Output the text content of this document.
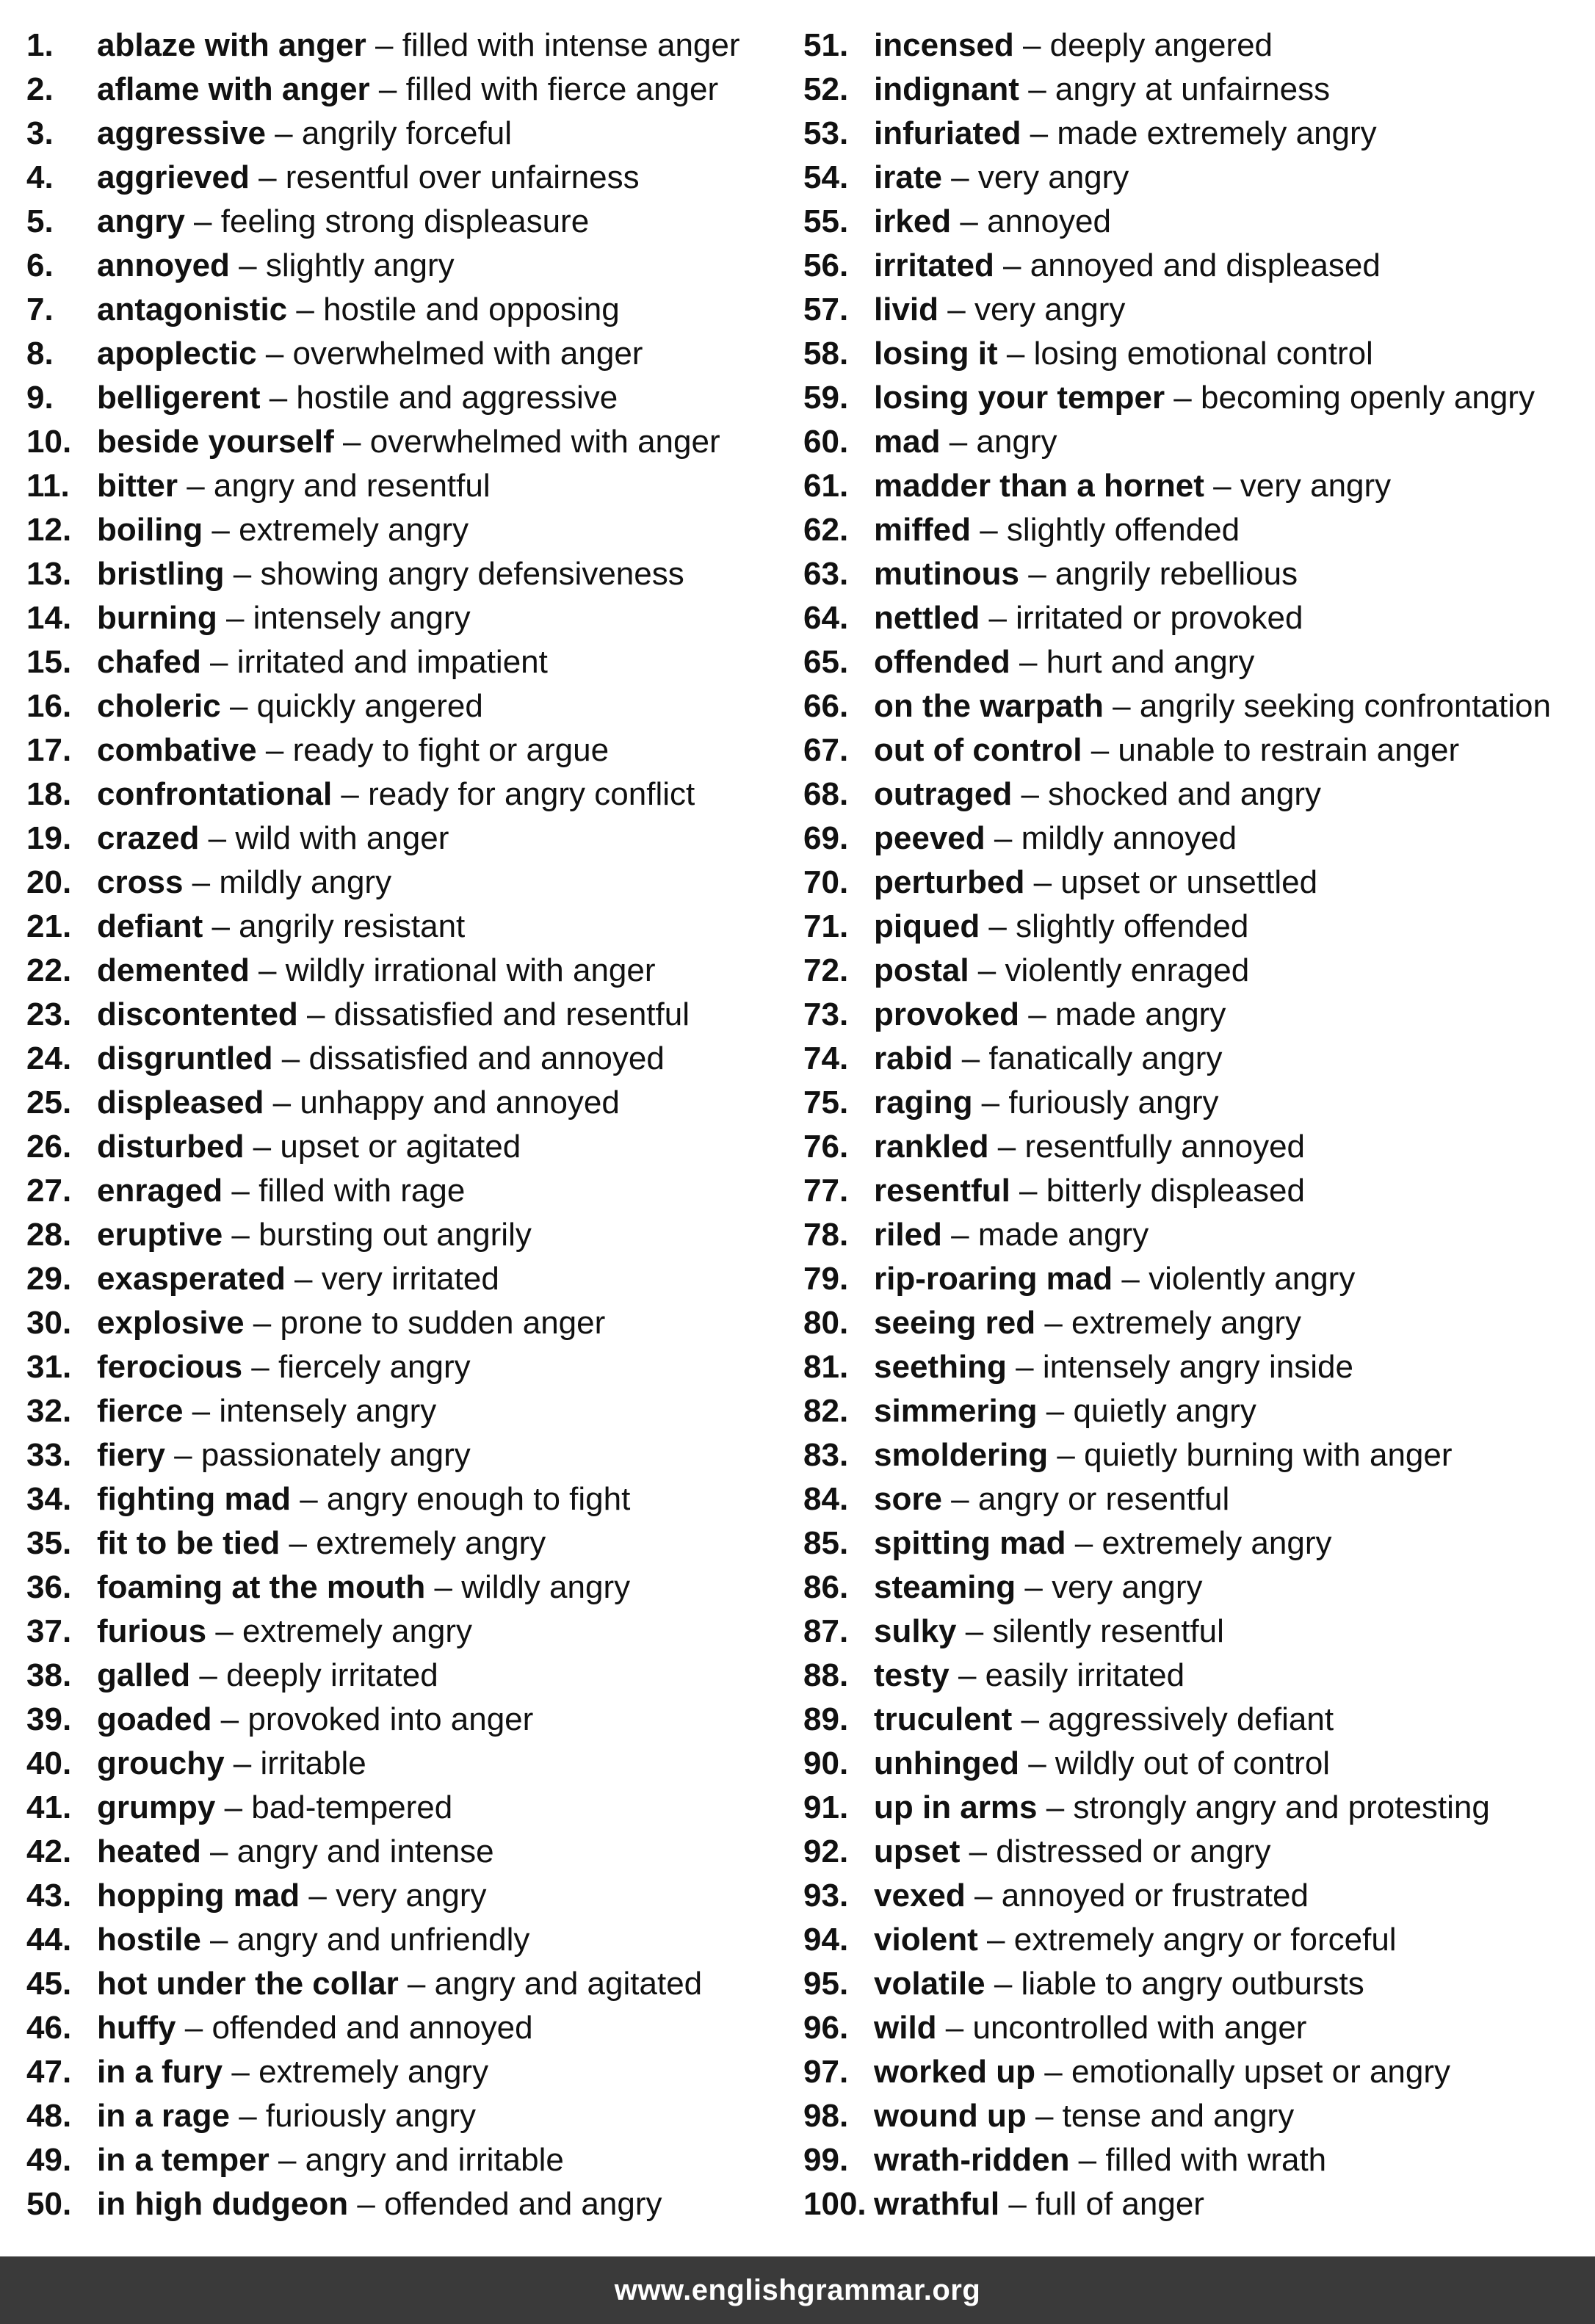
1. ablaze with anger – filled with intense anger
2. aflame with anger – filled with fierce anger
3. aggressive – angrily forceful
4. aggrieved – resentful over unfairness
5. angry – feeling strong displeasure
6. annoyed – slightly angry
7. antagonistic – hostile and opposing
8. apoplectic – overwhelmed with anger
9. belligerent – hostile and aggressive
10. beside yourself – overwhelmed with anger
11. bitter – angry and resentful
12. boiling – extremely angry
13. bristling – showing angry defensiveness
14. burning – intensely angry
15. chafed – irritated and impatient
16. choleric – quickly angered
17. combative – ready to fight or argue
18. confrontational – ready for angry conflict
19. crazed – wild with anger
20. cross – mildly angry
21. defiant – angrily resistant
22. demented – wildly irrational with anger
23. discontented – dissatisfied and resentful
24. disgruntled – dissatisfied and annoyed
25. displeased – unhappy and annoyed
26. disturbed – upset or agitated
27. enraged – filled with rage
28. eruptive – bursting out angrily
29. exasperated – very irritated
30. explosive – prone to sudden anger
31. ferocious – fiercely angry
32. fierce – intensely angry
33. fiery – passionately angry
34. fighting mad – angry enough to fight
35. fit to be tied – extremely angry
36. foaming at the mouth – wildly angry
37. furious – extremely angry
38. galled – deeply irritated
39. goaded – provoked into anger
40. grouchy – irritable
41. grumpy – bad-tempered
42. heated – angry and intense
43. hopping mad – very angry
44. hostile – angry and unfriendly
45. hot under the collar – angry and agitated
46. huffy – offended and annoyed
47. in a fury – extremely angry
48. in a rage – furiously angry
49. in a temper – angry and irritable
50. in high dudgeon – offended and angry
51. incensed – deeply angered
52. indignant – angry at unfairness
53. infuriated – made extremely angry
54. irate – very angry
55. irked – annoyed
56. irritated – annoyed and displeased
57. livid – very angry
58. losing it – losing emotional control
59. losing your temper – becoming openly angry
60. mad – angry
61. madder than a hornet – very angry
62. miffed – slightly offended
63. mutinous – angrily rebellious
64. nettled – irritated or provoked
65. offended – hurt and angry
66. on the warpath – angrily seeking confrontation
67. out of control – unable to restrain anger
68. outraged – shocked and angry
69. peeved – mildly annoyed
70. perturbed – upset or unsettled
71. piqued – slightly offended
72. postal – violently enraged
73. provoked – made angry
74. rabid – fanatically angry
75. raging – furiously angry
76. rankled – resentfully annoyed
77. resentful – bitterly displeased
78. riled – made angry
79. rip-roaring mad – violently angry
80. seeing red – extremely angry
81. seething – intensely angry inside
82. simmering – quietly angry
83. smoldering – quietly burning with anger
84. sore – angry or resentful
85. spitting mad – extremely angry
86. steaming – very angry
87. sulky – silently resentful
88. testy – easily irritated
89. truculent – aggressively defiant
90. unhinged – wildly out of control
91. up in arms – strongly angry and protesting
92. upset – distressed or angry
93. vexed – annoyed or frustrated
94. violent – extremely angry or forceful
95. volatile – liable to angry outbursts
96. wild – uncontrolled with anger
97. worked up – emotionally upset or angry
98. wound up – tense and angry
99. wrath-ridden – filled with wrath
100. wrathful – full of anger
www.englishgrammar.org
